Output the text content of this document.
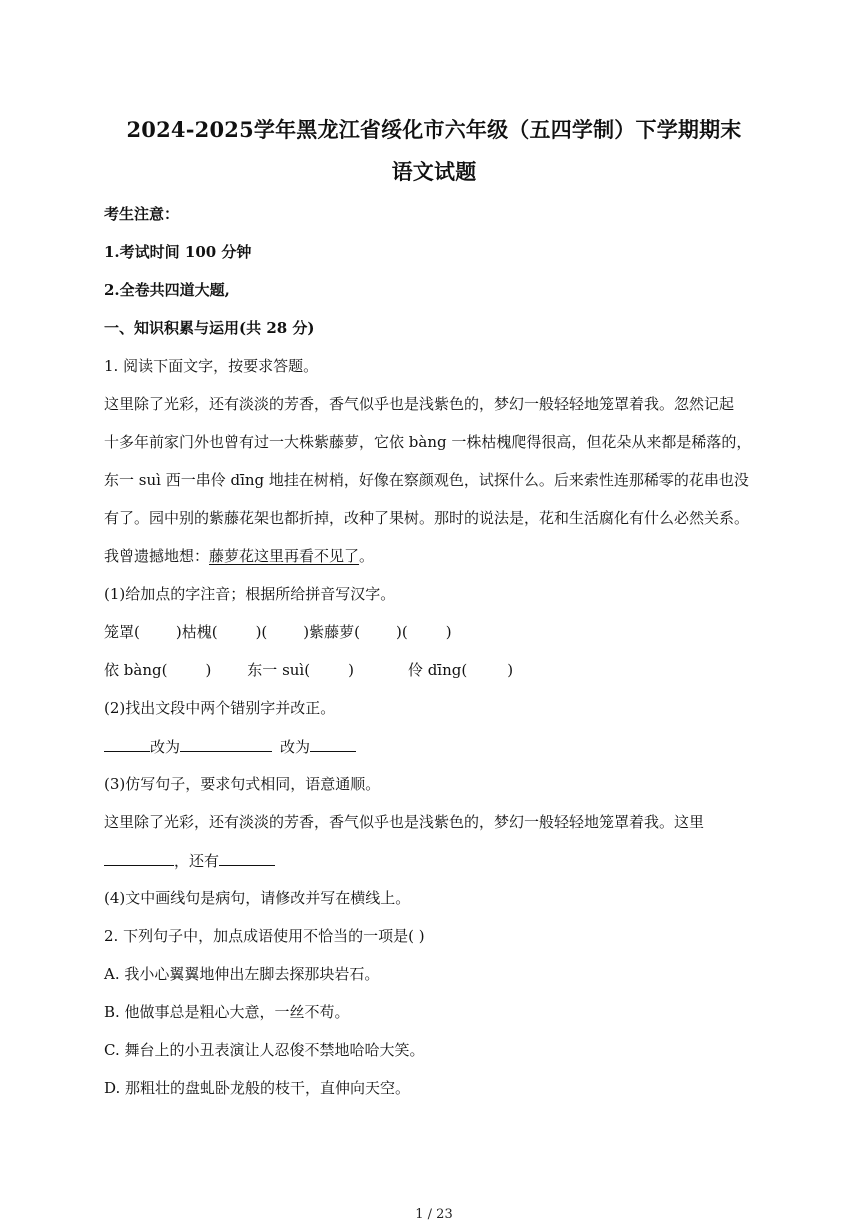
2024-2025学年黑龙江省绥化市六年级（五四学制）下学期期末
语文试题
考生注意：
1.考试时间 100 分钟
2.全卷共四道大题,
一、知识积累与运用(共 28 分)
1. 阅读下面文字，按要求答题。
这里除了光彩，还有淡淡的芳香，香气似乎也是浅紫色的，梦幻一般轻轻地笼罩着我。忽然记起
十多年前家门外也曾有过一大株紫藤萝，它依 bàng 一株枯槐爬得很高，但花朵从来都是稀落的，
东一 suì 西一串伶 dīng 地挂在树梢，好像在察颜观色，试探什么。后来索性连那稀零的花串也没
有了。园中别的紫藤花架也都折掉，改种了果树。那时的说法是，花和生活腐化有什么必然关系。
我曾遗撼地想：藤萝花这里再看不见了。
(1)给加点的字注音；根据所给拼音写汉字。
笼罩( )枯槐(	)( )紫藤萝( )(	)
依 bàng(	) 东一 suì(	)	伶 dīng(	)
(2)找出文段中两个错别字并改正。
改为	改为
(3)仿写句子，要求句式相同，语意通顺。
这里除了光彩，还有淡淡的芳香，香气似乎也是浅紫色的，梦幻一般轻轻地笼罩着我。这里
，还有
(4)文中画线句是病句，请修改并写在横线上。
2. 下列句子中，加点成语使用不恰当的一项是( )
A. 我小心翼翼地伸出左脚去探那块岩石。
B. 他做事总是粗心大意，一丝不苟。
C. 舞台上的小丑表演让人忍俊不禁地哈哈大笑。
D. 那粗壮的盘虬卧龙般的枝干，直伸向天空。
1 / 23
